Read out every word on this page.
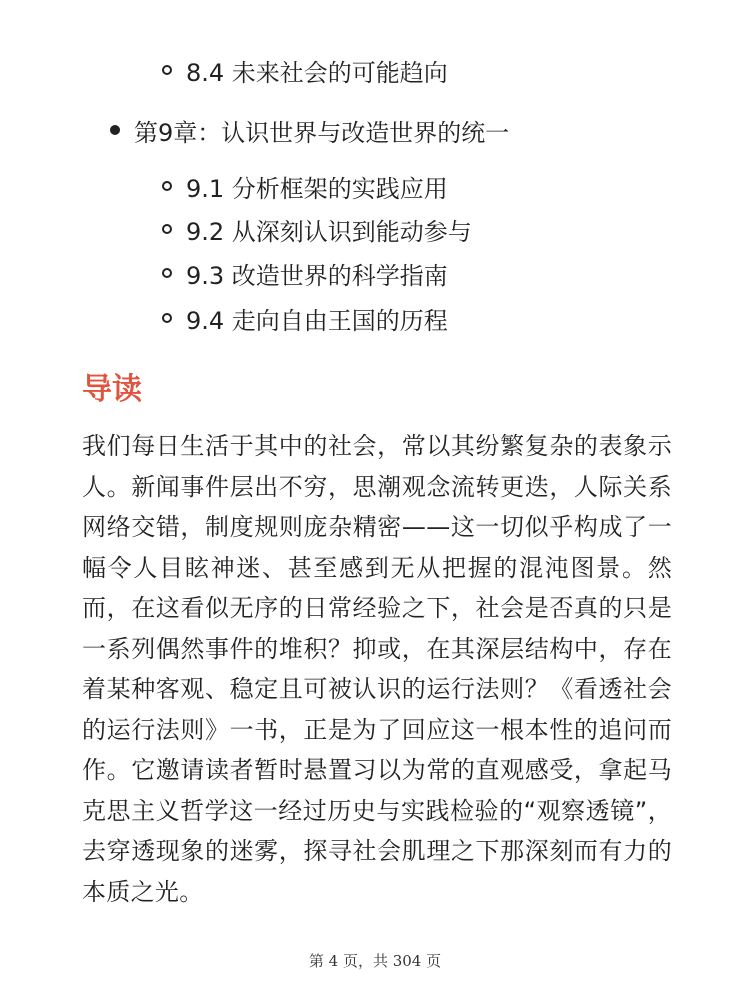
8.4 未来社会的可能趋向
第9章：认识世界与改造世界的统一
9.1 分析框架的实践应用
9.2 从深刻认识到能动参与
9.3 改造世界的科学指南
9.4 走向自由王国的历程
导读

我们每日生活于其中的社会，常以其纷繁复杂的表象示人。新闻事件层出不穷，思潮观念流转更迭，人际关系网络交错，制度规则庞杂精密——这一切似乎构成了一幅令人目眩神迷、甚至感到无从把握的混沌图景。然而，在这看似无序的日常经验之下，社会是否真的只是一系列偶然事件的堆积？抑或，在其深层结构中，存在着某种客观、稳定且可被认识的运行法则？《看透社会的运行法则》一书，正是为了回应这一根本性的追问而作。它邀请读者暂时悬置习以为常的直观感受，拿起马克思主义哲学这一经过历史与实践检验的“观察透镜”，去穿透现象的迷雾，探寻社会肌理之下那深刻而有力的本质之光。

第 4 页，共 304 页
